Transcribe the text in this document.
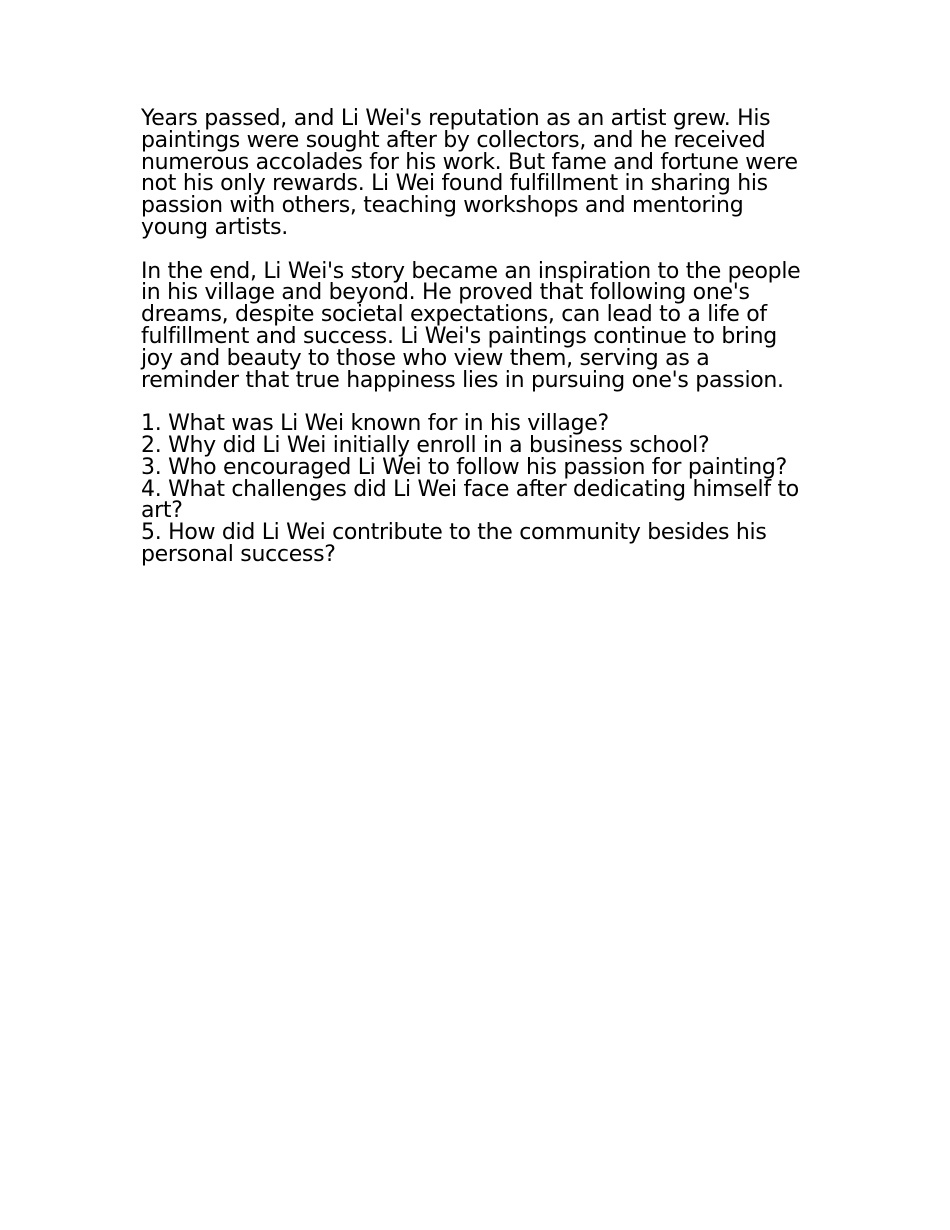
Years passed, and Li Wei's reputation as an artist grew. His paintings were sought after by collectors, and he received numerous accolades for his work. But fame and fortune were not his only rewards. Li Wei found fulfillment in sharing his passion with others, teaching workshops and mentoring young artists.

In the end, Li Wei's story became an inspiration to the people in his village and beyond. He proved that following one's dreams, despite societal expectations, can lead to a life of fulfillment and success. Li Wei's paintings continue to bring joy and beauty to those who view them, serving as a reminder that true happiness lies in pursuing one's passion.

1. What was Li Wei known for in his village?
2. Why did Li Wei initially enroll in a business school?
3. Who encouraged Li Wei to follow his passion for painting?
4. What challenges did Li Wei face after dedicating himself to art?
5. How did Li Wei contribute to the community besides his personal success?
